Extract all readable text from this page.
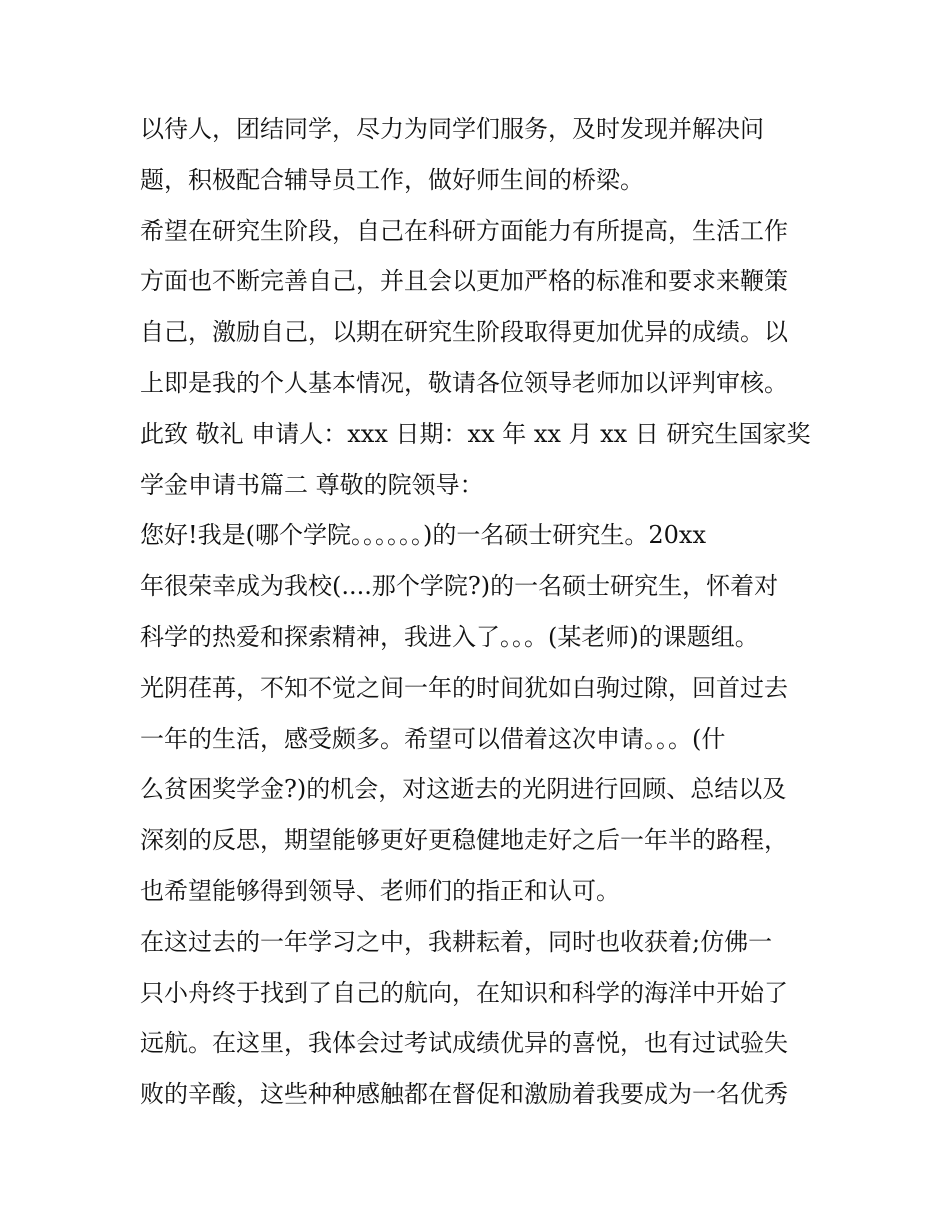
以待人，团结同学，尽力为同学们服务，及时发现并解决问
题，积极配合辅导员工作，做好师生间的桥梁。
希望在研究生阶段，自己在科研方面能力有所提高，生活工作
方面也不断完善自己，并且会以更加严格的标准和要求来鞭策
自己，激励自己，以期在研究生阶段取得更加优异的成绩。以
上即是我的个人基本情况，敬请各位领导老师加以评判审核。
此致 敬礼 申请人：xxx 日期：xx 年 xx 月 xx 日 研究生国家奖
学金申请书篇二 尊敬的院领导：
您好!我是(哪个学院。。。。。。)的一名硕士研究生。20xx
年很荣幸成为我校(....那个学院?)的一名硕士研究生，怀着对
科学的热爱和探索精神，我进入了。。。(某老师)的课题组。
光阴荏苒，不知不觉之间一年的时间犹如白驹过隙，回首过去
一年的生活，感受颇多。希望可以借着这次申请。。。(什
么贫困奖学金?)的机会，对这逝去的光阴进行回顾、总结以及
深刻的反思，期望能够更好更稳健地走好之后一年半的路程，
也希望能够得到领导、老师们的指正和认可。
在这过去的一年学习之中，我耕耘着，同时也收获着;仿佛一
只小舟终于找到了自己的航向，在知识和科学的海洋中开始了
远航。在这里，我体会过考试成绩优异的喜悦，也有过试验失
败的辛酸，这些种种感触都在督促和激励着我要成为一名优秀
